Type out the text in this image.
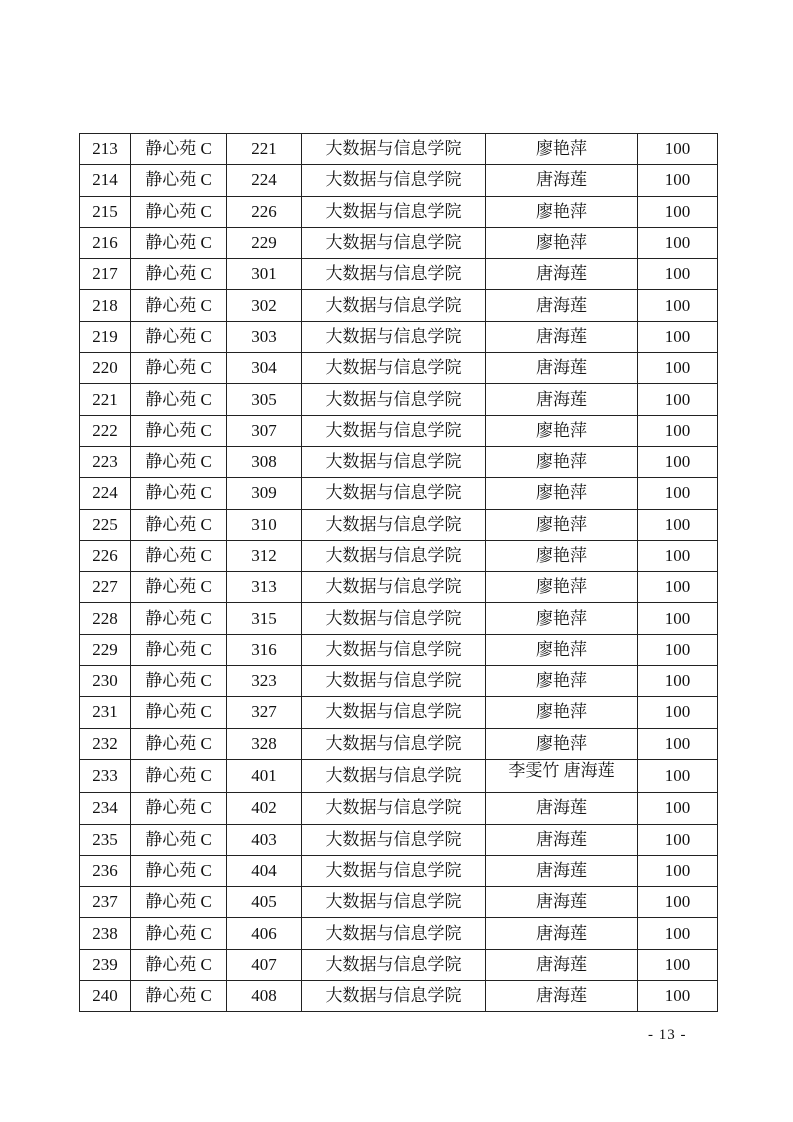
213	静心苑 C	221	大数据与信息学院	廖艳萍	100
214	静心苑 C	224	大数据与信息学院	唐海莲	100
215	静心苑 C	226	大数据与信息学院	廖艳萍	100
216	静心苑 C	229	大数据与信息学院	廖艳萍	100
217	静心苑 C	301	大数据与信息学院	唐海莲	100
218	静心苑 C	302	大数据与信息学院	唐海莲	100
219	静心苑 C	303	大数据与信息学院	唐海莲	100
220	静心苑 C	304	大数据与信息学院	唐海莲	100
221	静心苑 C	305	大数据与信息学院	唐海莲	100
222	静心苑 C	307	大数据与信息学院	廖艳萍	100
223	静心苑 C	308	大数据与信息学院	廖艳萍	100
224	静心苑 C	309	大数据与信息学院	廖艳萍	100
225	静心苑 C	310	大数据与信息学院	廖艳萍	100
226	静心苑 C	312	大数据与信息学院	廖艳萍	100
227	静心苑 C	313	大数据与信息学院	廖艳萍	100
228	静心苑 C	315	大数据与信息学院	廖艳萍	100
229	静心苑 C	316	大数据与信息学院	廖艳萍	100
230	静心苑 C	323	大数据与信息学院	廖艳萍	100
231	静心苑 C	327	大数据与信息学院	廖艳萍	100
232	静心苑 C	328	大数据与信息学院	廖艳萍	100
233	静心苑 C	401	大数据与信息学院	李雯竹 唐海莲	100
234	静心苑 C	402	大数据与信息学院	唐海莲	100
235	静心苑 C	403	大数据与信息学院	唐海莲	100
236	静心苑 C	404	大数据与信息学院	唐海莲	100
237	静心苑 C	405	大数据与信息学院	唐海莲	100
238	静心苑 C	406	大数据与信息学院	唐海莲	100
239	静心苑 C	407	大数据与信息学院	唐海莲	100
240	静心苑 C	408	大数据与信息学院	唐海莲	100
- 13 -
